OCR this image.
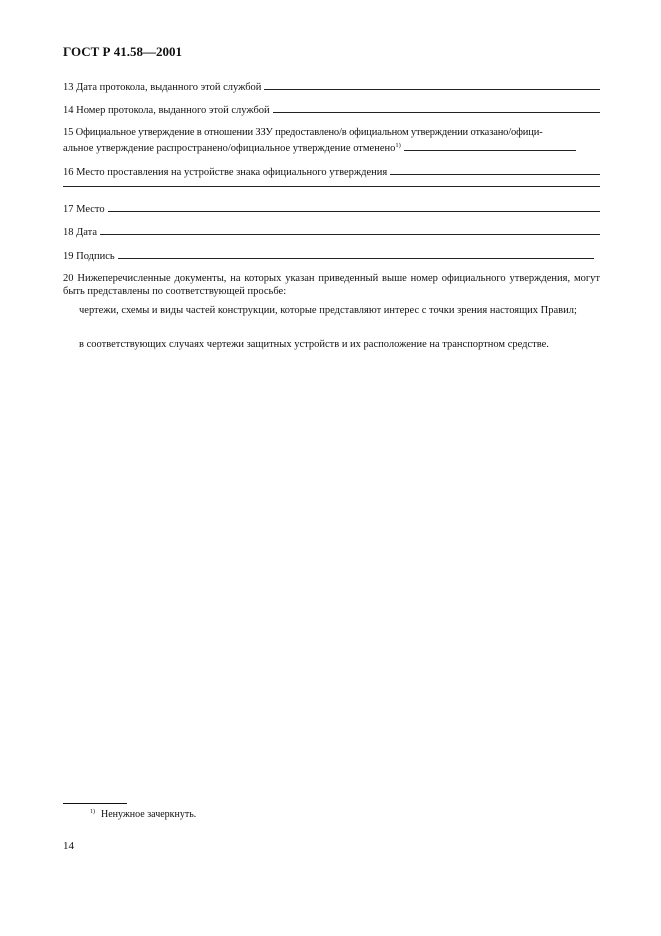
ГОСТ Р 41.58—2001
13 Дата протокола, выданного этой службой
14 Номер протокола, выданного этой службой
15 Официальное утверждение в отношении ЗЗУ предоставлено/в официальном утверждении отказано/офици-
альное утверждение распространено/официальное утверждение отменено$^{1)}$
16 Место проставления на устройстве знака официального утверждения
17 Место
18 Дата
19 Подпись
20 Нижеперечисленные документы, на которых указан приведенный выше номер официального утверждения, могут быть представлены по соответствующей просьбе:
чертежи, схемы и виды частей конструкции, которые представляют интерес с точки зрения настоящих Правил;
в соответствующих случаях чертежи защитных устройств и их расположение на транспортном средстве.
$^{1)}$ Ненужное зачеркнуть.
14
